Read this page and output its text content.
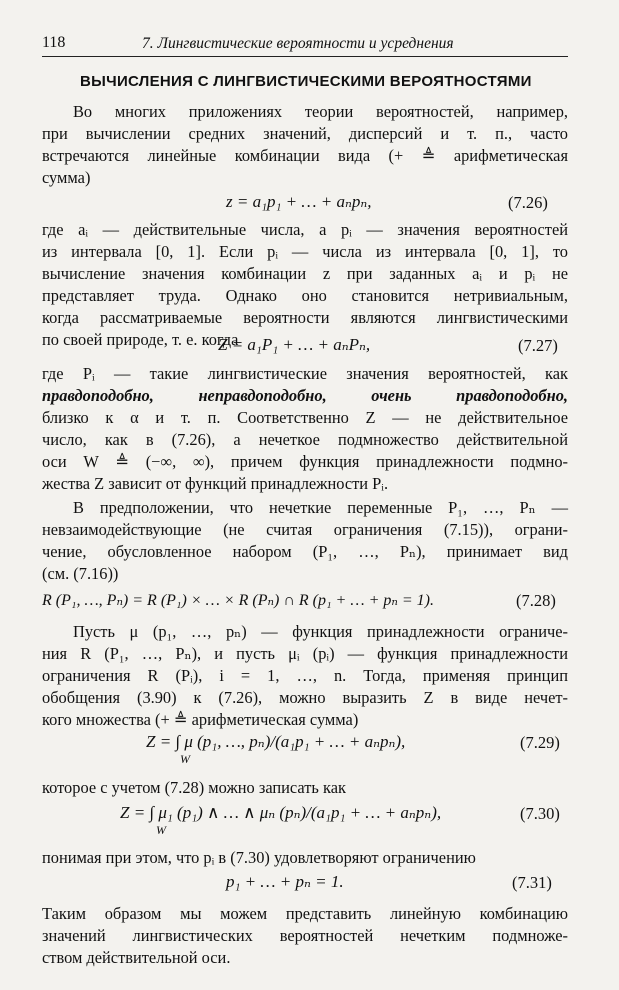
118	7. Лингвистические вероятности и усреднения
ВЫЧИСЛЕНИЯ С ЛИНГВИСТИЧЕСКИМИ ВЕРОЯТНОСТЯМИ
Во многих приложениях теории вероятностей, например,
при вычислении средних значений, дисперсий и т. п., часто
встречаются линейные комбинации вида (+ ≜ арифметическая
сумма)
z = a₁p₁ + … + aₙpₙ,	(7.26)
где aᵢ — действительные числа, а pᵢ — значения вероятностей
из интервала [0, 1]. Если pᵢ — числа из интервала [0, 1], то
вычисление значения комбинации z при заданных aᵢ и pᵢ не
представляет труда. Однако оно становится нетривиальным,
когда рассматриваемые вероятности являются лингвистическими
по своей природе, т. е. когда
Z = a₁P₁ + … + aₙPₙ,	(7.27)
где Pᵢ — такие лингвистические значения вероятностей, как
правдоподобно, неправдоподобно, очень правдоподобно,
близко к α и т. п. Соответственно Z — не действительное
число, как в (7.26), а нечеткое подмножество действительной
оси W ≜ (−∞, ∞), причем функция принадлежности подмно-
жества Z зависит от функций принадлежности Pᵢ.
В предположении, что нечеткие переменные P₁, …, Pₙ —
невзаимодействующие (не считая ограничения (7.15)), ограни-
чение, обусловленное набором (P₁, …, Pₙ), принимает вид
(см. (7.16))
R (P₁, …, Pₙ) = R (P₁) × … × R (Pₙ) ∩ R (p₁ + … + pₙ = 1).	(7.28)
Пусть μ (p₁, …, pₙ) — функция принадлежности ограниче-
ния R (P₁, …, Pₙ), и пусть μᵢ (pᵢ) — функция принадлежности
ограничения R (Pᵢ), i = 1, …, n. Тогда, применяя принцип
обобщения (3.90) к (7.26), можно выразить Z в виде нечет-
кого множества (+ ≜ арифметическая сумма)
Z = ∫ μ (p₁, …, pₙ)/(a₁p₁ + … + aₙpₙ),
W
(7.29)
которое с учетом (7.28) можно записать как
Z = ∫ μ₁ (p₁) ∧ … ∧ μₙ (pₙ)/(a₁p₁ + … + aₙpₙ),
W
(7.30)
понимая при этом, что pᵢ в (7.30) удовлетворяют ограничению
p₁ + … + pₙ = 1.	(7.31)
Таким образом мы можем представить линейную комбинацию
значений лингвистических вероятностей нечетким подмноже-
ством действительной оси.
